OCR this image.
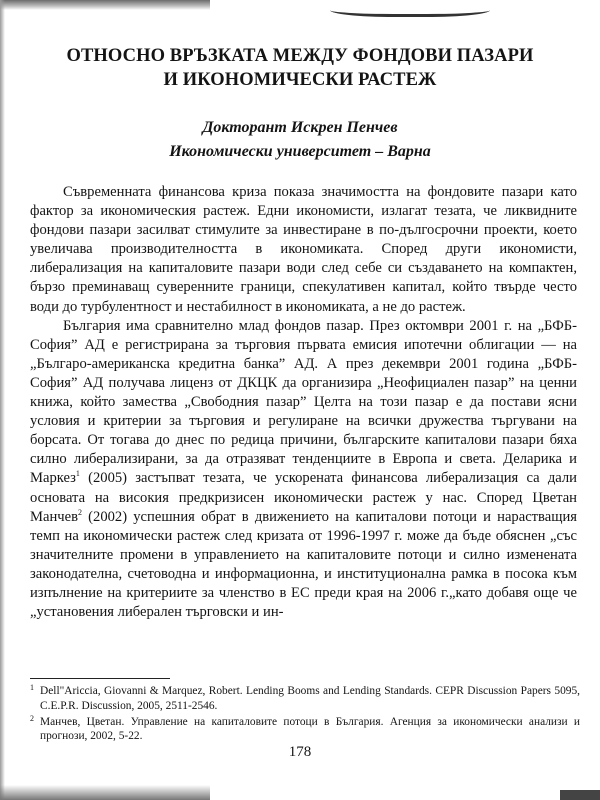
ОТНОСНО ВРЪЗКАТА МЕЖДУ ФОНДОВИ ПАЗАРИ
И ИКОНОМИЧЕСКИ РАСТЕЖ
Докторант Искрен Пенчев
Икономически университет – Варна

Съвременната финансова криза показа значимостта на фондовите пазари като фактор за икономическия растеж. Едни икономисти, излагат тезата, че ликвидните фондови пазари засилват стимулите за инвестиране в по-дългосрочни проекти, което увеличава производителността в икономиката. Според други икономисти, либерализация на капиталовите пазари води след себе си създаването на компактен, бързо преминаващ суверенните граници, спекулативен капитал, който твърде често води до турбулентност и нестабилност в икономиката, а не до растеж.

България има сравнително млад фондов пазар. През октомври 2001 г. на „БФБ-София” АД е регистрирана за търговия първата емисия ипотечни облигации — на „Българо-американска кредитна банка” АД. А през декември 2001 година „БФБ-София” АД получава лиценз от ДКЦК да организира „Неофициален пазар” на ценни книжа, който замества „Свободния пазар” Целта на този пазар е да постави ясни условия и критерии за търговия и регулиране на всички дружества търгувани на борсата. От тогава до днес по редица причини, българските капиталови пазари бяха силно либерализирани, за да отразяват тенденциите в Европа и света. Деларика и Маркез$^1$ (2005) застъпват тезата, че ускорената финансова либерализация са дали основата на високия предкризисен икономически растеж у нас. Според Цветан Манчев$^2$ (2002) успешния обрат в движението на капиталови потоци и нарастващия темп на икономически растеж след кризата от 1996-1997 г. може да бъде обяснен „със значителните промени в управлението на капиталовите потоци и силно изменената законодателна, счетоводна и информационна, и институционална рамка в посока към изпълнение на критериите за членство в ЕС преди края на 2006 г.„като добавя още че „установения либерален търговски и ин-

1 Dell"Ariccia, Giovanni & Marquez, Robert. Lending Booms and Lending Standards. CEPR Discussion Papers 5095, C.E.P.R. Discussion, 2005, 2511-2546.
2 Манчев, Цветан. Управление на капиталовите потоци в България. Агенция за икономически анализи и прогнози, 2002, 5-22.
178
